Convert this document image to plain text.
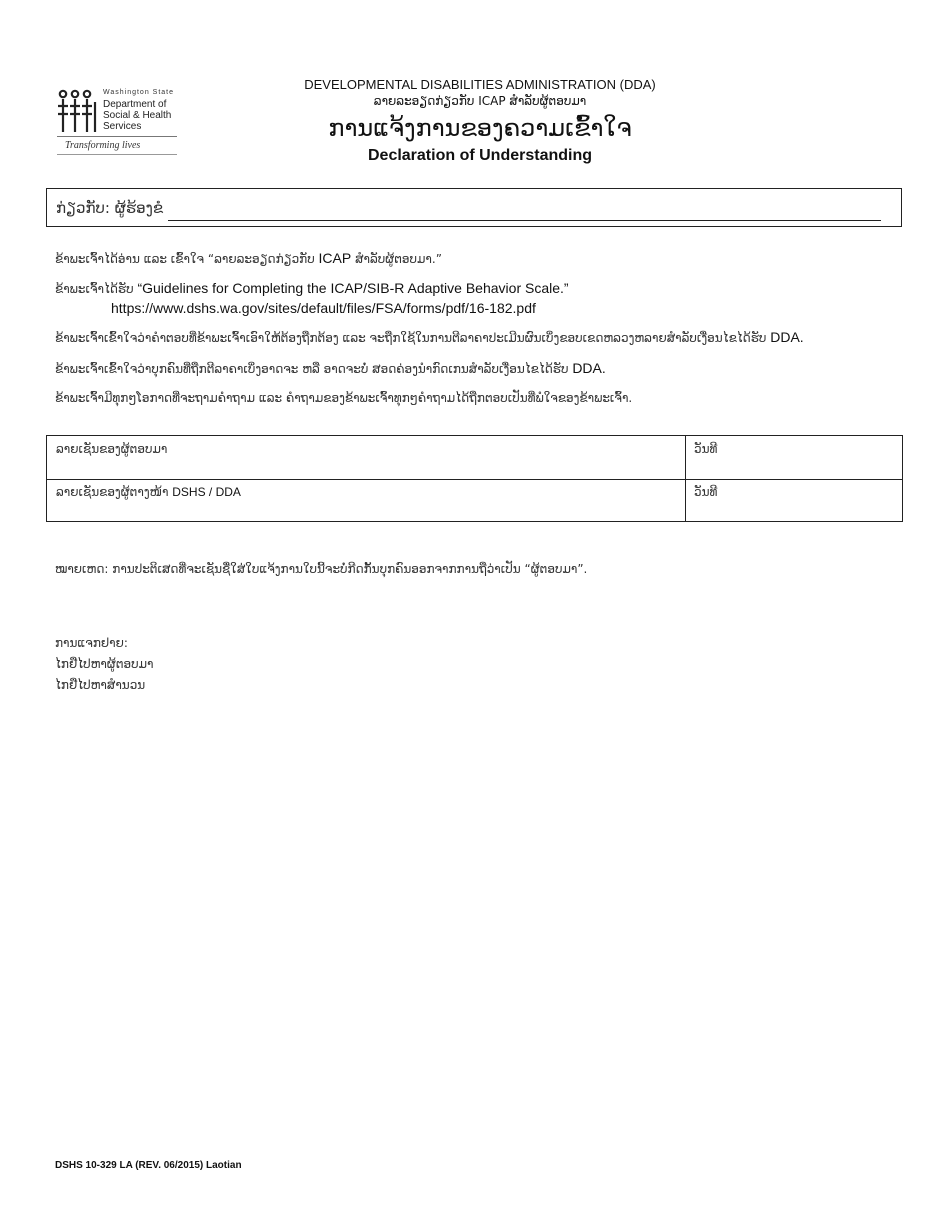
Washington State
Department of Social & Health Services
Transforming lives
DEVELOPMENTAL DISABILITIES ADMINISTRATION (DDA)
ລາຍລະອຽດກ່ຽວກັບ ICAP ສຳລັບຜູ້ຕອບມາ
ການແຈ້ງການຂອງຄວາມເຂົ້າໃຈ
Declaration of Understanding
ກ່ຽວກັບ: ຜູ້ຮ້ອງຂໍ
ຂ້າພະເຈົ້າໄດ້ອ່ານ ແລະ ເຂົ້າໃຈ “ລາຍລະອຽດກ່ຽວກັບ ICAP ສຳລັບຜູ້ຕອບມາ.”
ຂ້າພະເຈົ້າໄດ້ຮັບ “Guidelines for Completing the ICAP/SIB-R Adaptive Behavior Scale.”
https://www.dshs.wa.gov/sites/default/files/FSA/forms/pdf/16-182.pdf
ຂ້າພະເຈົ້າເຂົ້າໃຈວ່າຄຳຕອບທີ່ຂ້າພະເຈົ້າເອົາໃຫ້ຕ້ອງຖືກຕ້ອງ ແລະ ຈະຖືກໃຊ້ໃນການຕີລາຄາປະເມີນຜົນເບິ່ງຂອບເຂດຫລວງຫລາຍສຳລັບເງື່ອນໄຂໄດ້ຮັບ DDA.
ຂ້າພະເຈົ້າເຂົ້າໃຈວ່າບຸກຄົນທີ່ຖືກຕີລາຄາເບິ່ງອາດຈະ ຫລື ອາດຈະບໍ່ ສອດຄ່ອງນຳກົດເກນສຳລັບເງື່ອນໄຂໄດ້ຮັບ DDA.
ຂ້າພະເຈົ້າມີທຸກໆໂອກາດທີ່ຈະຖາມຄຳຖາມ ແລະ ຄຳຖາມຂອງຂ້າພະເຈົ້າທຸກໆຄຳຖາມໄດ້ຖືກຕອບເປັນທີ່ພໍໃຈຂອງຂ້າພະເຈົ້າ.
ລາຍເຊັນຂອງຜູ້ຕອບມາ	ວັນທີ
ລາຍເຊັນຂອງຜູ້ຕາງໜ້າ DSHS / DDA	ວັນທີ
ໝາຍເຫດ: ການປະຕິເສດທີ່ຈະເຊັນຊື່ໃສ່ໃບແຈ້ງການໃບນີ້ຈະບໍ່ກີດກັ້ນບຸກຄົນອອກຈາກການຖືວ່າເປັນ “ຜູ້ຕອບມາ”.
ການແຈກຢາຍ:
ໄກຢືໄປຫາຜູ້ຕອບມາ
ໄກຢືໄປຫາສຳນວນ
DSHS 10-329 LA (REV. 06/2015) Laotian
